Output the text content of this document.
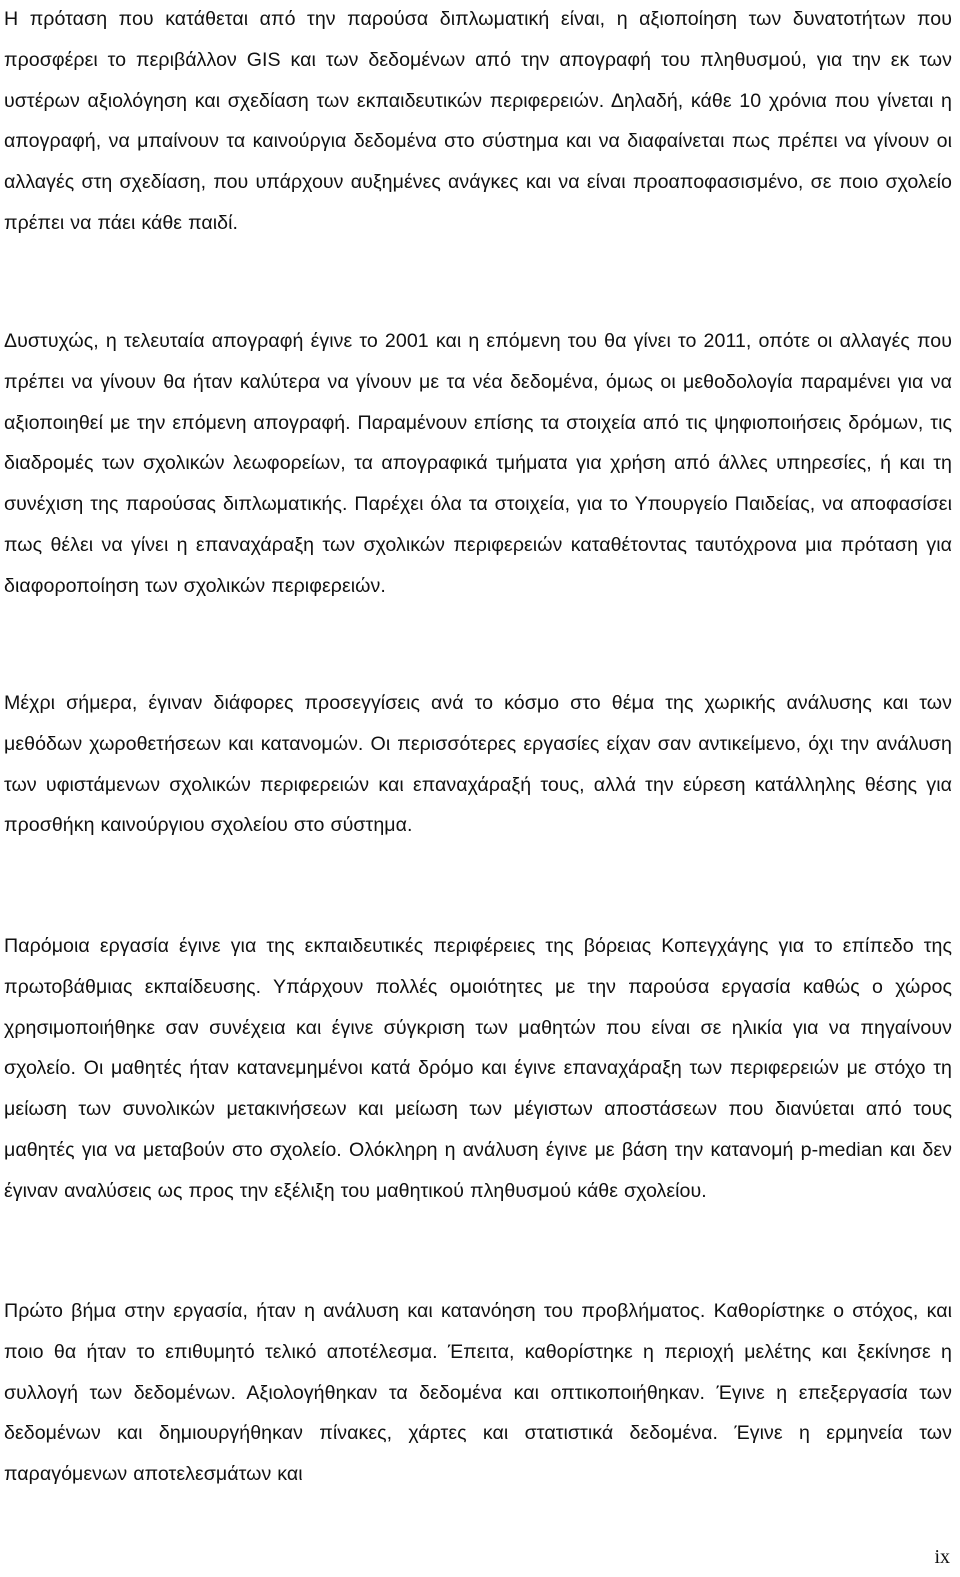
Η πρόταση που κατάθεται από την παρούσα διπλωματική είναι, η αξιοποίηση των δυνατοτήτων που προσφέρει το περιβάλλον GIS και των δεδομένων από την απογραφή του πληθυσμού, για την εκ των υστέρων αξιολόγηση και σχεδίαση των εκπαιδευτικών περιφερειών. Δηλαδή, κάθε 10 χρόνια που γίνεται η απογραφή, να μπαίνουν τα καινούργια δεδομένα στο σύστημα και να διαφαίνεται πως πρέπει να γίνουν οι αλλαγές στη σχεδίαση, που υπάρχουν αυξημένες ανάγκες και να είναι προαποφασισμένο, σε ποιο σχολείο πρέπει να πάει κάθε παιδί.

Δυστυχώς, η τελευταία απογραφή έγινε το 2001 και η επόμενη του θα γίνει το 2011, οπότε οι αλλαγές που πρέπει να γίνουν θα ήταν καλύτερα να γίνουν με τα νέα δεδομένα, όμως οι μεθοδολογία παραμένει για να αξιοποιηθεί με την επόμενη απογραφή. Παραμένουν επίσης τα στοιχεία από τις ψηφιοποιήσεις δρόμων, τις διαδρομές των σχολικών λεωφορείων, τα απογραφικά τμήματα για χρήση από άλλες υπηρεσίες, ή και τη συνέχιση της παρούσας διπλωματικής. Παρέχει όλα τα στοιχεία, για το Υπουργείο Παιδείας, να αποφασίσει πως θέλει να γίνει η επαναχάραξη των σχολικών περιφερειών καταθέτοντας ταυτόχρονα μια πρόταση για διαφοροποίηση των σχολικών περιφερειών.

Μέχρι σήμερα, έγιναν διάφορες προσεγγίσεις ανά το κόσμο στο θέμα της χωρικής ανάλυσης και των μεθόδων χωροθετήσεων και κατανομών. Οι περισσότερες εργασίες είχαν σαν αντικείμενο, όχι την ανάλυση των υφιστάμενων σχολικών περιφερειών και επαναχάραξή τους, αλλά την εύρεση κατάλληλης θέσης για προσθήκη καινούργιου σχολείου στο σύστημα.

Παρόμοια εργασία έγινε για της εκπαιδευτικές περιφέρειες της βόρειας Κοπεγχάγης για το επίπεδο της πρωτοβάθμιας εκπαίδευσης. Υπάρχουν πολλές ομοιότητες με την παρούσα εργασία καθώς ο χώρος χρησιμοποιήθηκε σαν συνέχεια και έγινε σύγκριση των μαθητών που είναι σε ηλικία για να πηγαίνουν σχολείο. Οι μαθητές ήταν κατανεμημένοι κατά δρόμο και έγινε επαναχάραξη των περιφερειών με στόχο τη μείωση των συνολικών μετακινήσεων και μείωση των μέγιστων αποστάσεων που διανύεται από τους μαθητές για να μεταβούν στο σχολείο. Ολόκληρη η ανάλυση έγινε με βάση την κατανομή p-median και δεν έγιναν αναλύσεις ως προς την εξέλιξη του μαθητικού πληθυσμού κάθε σχολείου.

Πρώτο βήμα στην εργασία, ήταν η ανάλυση και κατανόηση του προβλήματος. Καθορίστηκε ο στόχος, και ποιο θα ήταν το επιθυμητό τελικό αποτέλεσμα. Έπειτα, καθορίστηκε η περιοχή μελέτης και ξεκίνησε η συλλογή των δεδομένων. Αξιολογήθηκαν τα δεδομένα και οπτικοποιήθηκαν. Έγινε η επεξεργασία των δεδομένων και δημιουργήθηκαν πίνακες, χάρτες και στατιστικά δεδομένα. Έγινε η ερμηνεία των παραγόμενων αποτελεσμάτων και

ix
